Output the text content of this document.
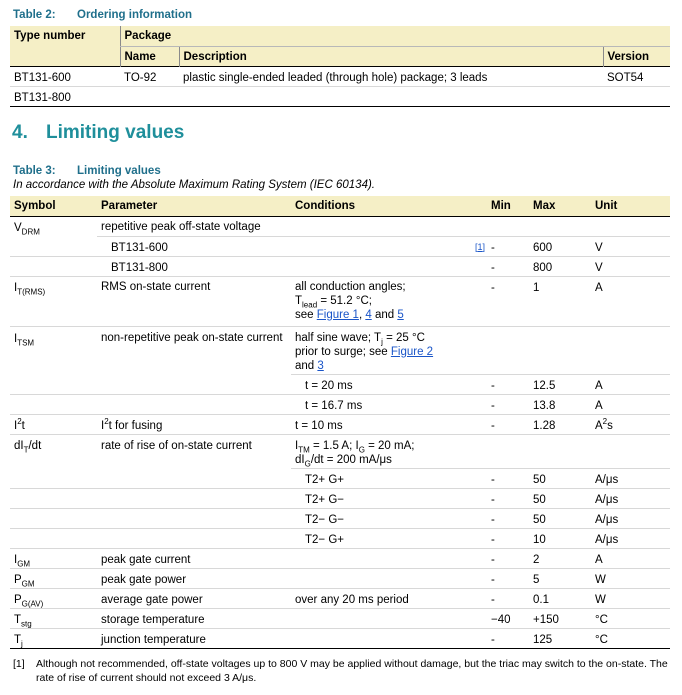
Table 2: Ordering information
Type number	Package		
	Name	Description	Version
BT131-600	TO-92	plastic single-ended leaded (through hole) package; 3 leads	SOT54
BT131-800			
4. Limiting values
Table 3: Limiting values
In accordance with the Absolute Maximum Rating System (IEC 60134).
Symbol	Parameter	Conditions		Min	Max	Unit
$V_{DRM}$	repetitive peak off-state voltage					
	BT131-600		[1]	-	600	V
	BT131-800			-	800	V
$I_{T(RMS)}$	RMS on-state current	all conduction angles;
$T_{lead} = 51.2$ °C;
see Figure 1, 4 and 5		-	1	A
$I_{TSM}$	non-repetitive peak on-state current	half sine wave; $T_j = 25$ °C
prior to surge; see Figure 2
and 3				
		t = 20 ms		-	12.5	A
		t = 16.7 ms		-	13.8	A
$I^2t$	$I^2t$ for fusing	t = 10 ms		-	1.28	$A^2s$
$dI_T/dt$	rate of rise of on-state current	$I_{TM} = 1.5$ A; $I_G = 20$ mA;
$dI_G/dt = 200$ mA/μs				
		T2+ G+		-	50	A/μs
		T2+ G−		-	50	A/μs
		T2− G−		-	50	A/μs
		T2− G+		-	10	A/μs
$I_{GM}$	peak gate current			-	2	A
$P_{GM}$	peak gate power			-	5	W
$P_{G(AV)}$	average gate power	over any 20 ms period		-	0.1	W
$T_{stg}$	storage temperature			−40	+150	°C
$T_j$	junction temperature			-	125	°C
[1]	Although not recommended, off-state voltages up to 800 V may be applied without damage, but the triac may switch to the on-state. The rate of rise of current should not exceed 3 A/μs.
